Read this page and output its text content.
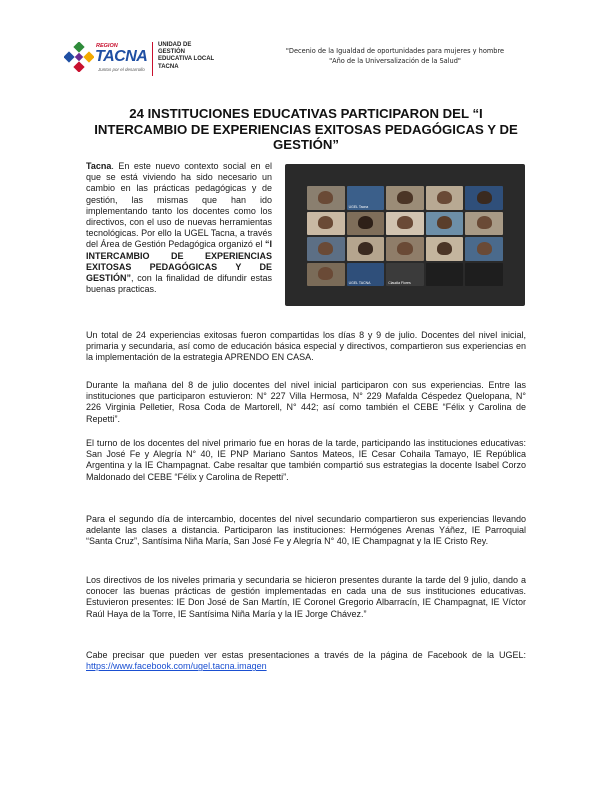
REGION
TACNA
Juntos por el desarrollo
UNIDAD DE GESTIÓN EDUCATIVA LOCAL TACNA
"Decenio de la Igualdad de oportunidades para mujeres y hombre
"Año de la Universalización de la Salud"
24 INSTITUCIONES EDUCATIVAS PARTICIPARON DEL “I INTERCAMBIO DE EXPERIENCIAS EXITOSAS PEDAGÓGICAS Y DE GESTIÓN”
Tacna. En este nuevo contexto social en el que se está viviendo ha sido necesario un cambio en las prácticas pedagógicas y de gestión, las mismas que han ido implementando tanto los docentes como los directivos, con el uso de nuevas herramientas tecnológicas. Por ello la UGEL Tacna, a través del Área de Gestión Pedagógica organizó el “I INTERCAMBIO DE EXPERIENCIAS EXITOSAS PEDAGÓGICAS Y DE GESTIÓN”, con la finalidad de difundir estas buenas practicas.
UGEL Tacna
UGEL TACNA	Claudia Flores

Un total de 24 experiencias exitosas fueron compartidas los días 8 y 9 de julio. Docentes del nivel inicial, primaria y secundaria, así como de educación básica especial y directivos, compartieron sus experiencias en la implementación de la estrategia APRENDO EN CASA.

Durante la mañana del 8 de julio docentes del nivel inicial participaron con sus experiencias. Entre las instituciones que participaron estuvieron: N° 227 Villa Hermosa, N° 229 Mafalda Céspedez Quelopana, N° 226 Virginia Pelletier, Rosa Coda de Martorell, N° 442; así como también el CEBE “Félix y Carolina de Repetti”.

El turno de los docentes del nivel primario fue en horas de la tarde, participando las instituciones educativas: San José Fe y Alegría N° 40, IE PNP Mariano Santos Mateos, IE Cesar Cohaila Tamayo, IE República Argentina y la IE Champagnat. Cabe resaltar que también compartió sus estrategias la docente Isabel Corzo Maldonado del CEBE “Félix y Carolina de Repetti”.

Para el segundo día de intercambio, docentes del nivel secundario compartieron sus experiencias llevando adelante las clases a distancia. Participaron las instituciones: Hermógenes Arenas Yáñez, IE Parroquial “Santa Cruz”, Santísima Niña María, San José Fe y Alegría N° 40, IE Champagnat y la IE Cristo Rey.

Los directivos de los niveles primaria y secundaria se hicieron presentes durante la tarde del 9 julio, dando a conocer las buenas prácticas de gestión implementadas en cada una de sus instituciones educativas. Estuvieron presentes: IE Don José de San Martín, IE Coronel Gregorio Albarracín, IE Champagnat, IE Víctor Raúl Haya de la Torre, IE Santísima Niña María y la IE Jorge Chávez.”

Cabe precisar que pueden ver estas presentaciones a través de la página de Facebook de la UGEL: https://www.facebook.com/ugel.tacna.imagen
